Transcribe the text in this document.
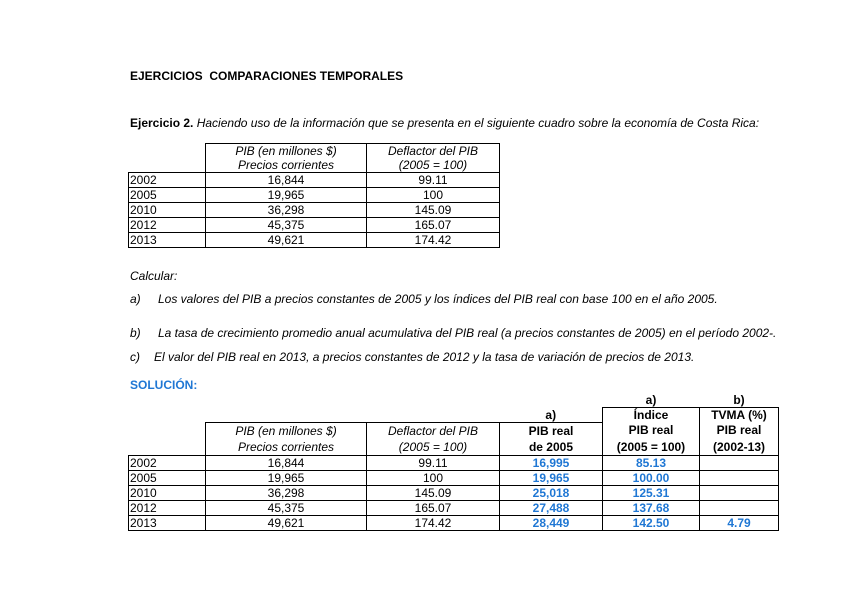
EJERCICIOS  COMPARACIONES TEMPORALES
Ejercicio 2. Haciendo uso de la información que se presenta en el siguiente cuadro sobre la economía de Costa Rica:
	PIB (en millones $)	Deflactor del PIB
	Precios corrientes	(2005 = 100)
2002	16,844	99.11
2005	19,965	100
2010	36,298	145.09
2012	45,375	165.07
2013	49,621	174.42
Calcular:
a) Los valores del PIB a precios constantes de 2005 y los índices del PIB real con base 100 en el año 2005.
b) La tasa de crecimiento promedio anual acumulativa del PIB real (a precios constantes de 2005) en el período 2002-.
c) El valor del PIB real en 2013, a precios constantes de 2012 y la tasa de variación de precios de 2013.
SOLUCIÓN:
				a)	b)
			a)	Índice	TVMA (%)
	PIB (en millones $)	Deflactor del PIB	PIB real	PIB real	PIB real
	Precios corrientes	(2005 = 100)	de 2005	(2005 = 100)	(2002-13)
2002	16,844	99.11	16,995	85.13	
2005	19,965	100	19,965	100.00	
2010	36,298	145.09	25,018	125.31	
2012	45,375	165.07	27,488	137.68	
2013	49,621	174.42	28,449	142.50	4.79
